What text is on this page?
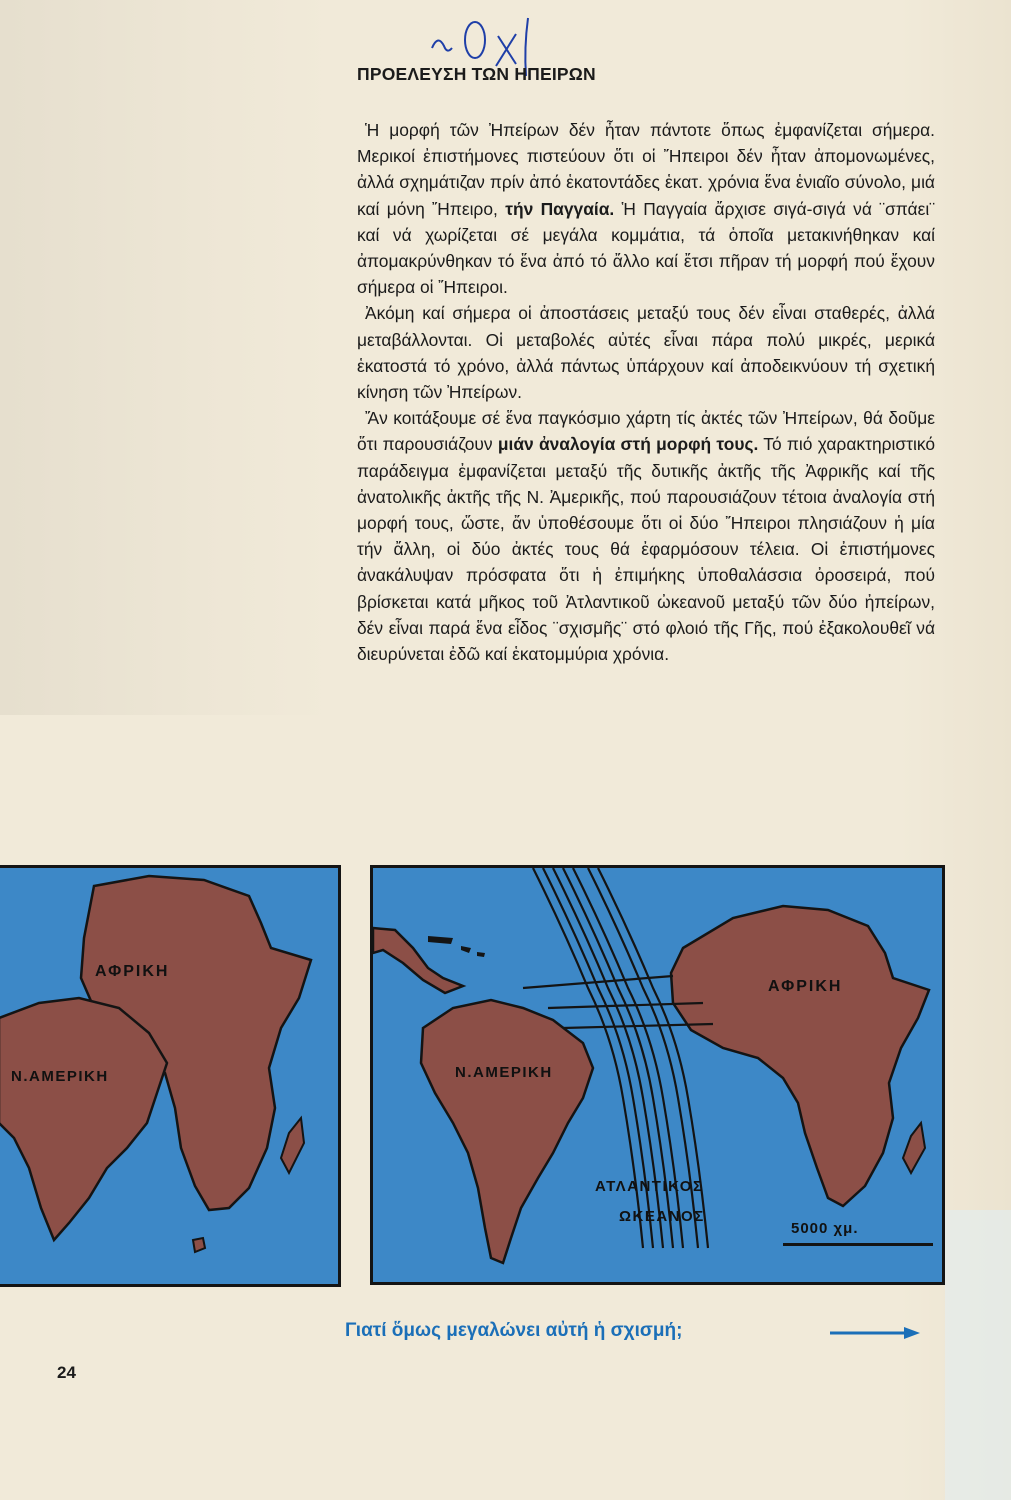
ΠΡΟΕΛΕΥΣΗ ΤΩΝ ΗΠΕΙΡΩΝ

Ἡ μορφή τῶν Ἠπείρων δέν ἦταν πάντοτε ὅπως ἐμφανίζεται σήμερα. Μερικοί ἐπιστήμονες πιστεύουν ὅτι οἱ Ἤπειροι δέν ἦταν ἀπομονωμένες, ἀλλά σχημάτιζαν πρίν ἀπό ἑκατοντάδες ἑκατ. χρόνια ἕνα ἑνιαῖο σύνολο, μιά καί μόνη Ἤπειρο, τήν Παγγαία. Ἡ Παγγαία ἄρχισε σιγά-σιγά νά ¨σπάει¨ καί νά χωρίζεται σέ μεγάλα κομμάτια, τά ὁποῖα μετακινήθηκαν καί ἀπομακρύνθηκαν τό ἕνα ἀπό τό ἄλλο καί ἔτσι πῆραν τή μορφή πού ἔχουν σήμερα οἱ Ἤπειροι.

Ἀκόμη καί σήμερα οἱ ἀποστάσεις μεταξύ τους δέν εἶναι σταθερές, ἀλλά μεταβάλλονται. Οἱ μεταβολές αὐτές εἶναι πάρα πολύ μικρές, μερικά ἑκατοστά τό χρόνο, ἀλλά πάντως ὑπάρχουν καί ἀποδεικνύουν τή σχετική κίνηση τῶν Ἠπείρων.

Ἄν κοιτάξουμε σέ ἕνα παγκόσμιο χάρτη τίς ἀκτές τῶν Ἠπείρων, θά δοῦμε ὅτι παρουσιάζουν μιάν ἀναλογία στή μορφή τους. Τό πιό χαρακτηριστικό παράδειγμα ἐμφανίζεται μεταξύ τῆς δυτικῆς ἀκτῆς τῆς Ἀφρικῆς καί τῆς ἀνατολικῆς ἀκτῆς τῆς Ν. Ἀμερικῆς, πού παρουσιάζουν τέτοια ἀναλογία στή μορφή τους, ὥστε, ἄν ὑποθέσουμε ὅτι οἱ δύο Ἤπειροι πλησιάζουν ἡ μία τήν ἄλλη, οἱ δύο ἀκτές τους θά ἐφαρμόσουν τέλεια. Οἱ ἐπιστήμονες ἀνακάλυψαν πρόσφατα ὅτι ἡ ἐπιμήκης ὑποθαλάσσια ὀροσειρά, πού βρίσκεται κατά μῆκος τοῦ Ἀτλαντικοῦ ὠκεανοῦ μεταξύ τῶν δύο ἠπείρων, δέν εἶναι παρά ἕνα εἶδος ¨σχισμῆς¨ στό φλοιό τῆς Γῆς, πού ἐξακολουθεῖ νά διευρύνεται ἐδῶ καί ἑκατομμύρια χρόνια.

ΑΦΡΙΚΗ
Ν.ΑΜΕΡΙΚΗ
ΑΦΡΙΚΗ
Ν.ΑΜΕΡΙΚΗ
ΑΤΛΑΝΤΙΚΟΣ
ΩΚΕΑΝΟΣ
5000 χμ.
Γιατί ὅμως μεγαλώνει αὐτή ἡ σχισμή;
24
